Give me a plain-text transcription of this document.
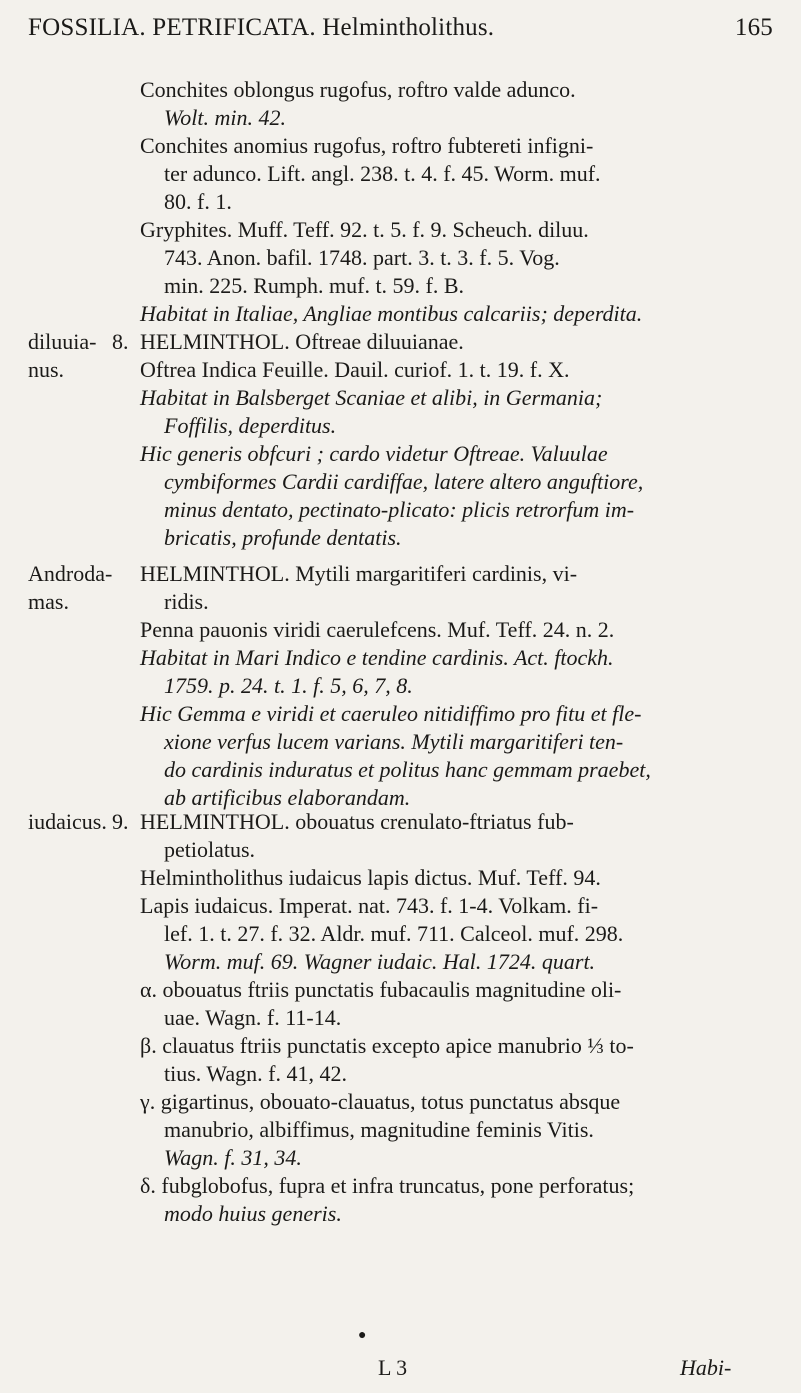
FOSSILIA. PETRIFICATA. Helmintholithus.	165

Conchites oblongus rugofus, roftro valde adunco.

Wolt. min. 42.

Conchites anomius rugofus, roftro fubtereti infigni-

ter adunco. Lift. angl. 238. t. 4. f. 45. Worm. muf.

80. f. 1.

Gryphites. Muff. Teff. 92. t. 5. f. 9. Scheuch. diluu.

743. Anon. bafil. 1748. part. 3. t. 3. f. 5. Vog.

min. 225. Rumph. muf. t. 59. f. B.

Habitat in Italiae, Angliae montibus calcariis; deperdita.

diluuia-
nus.
8. HELMINTHOL. Oftreae diluuianae.

Oftrea Indica Feuille. Dauil. curiof. 1. t. 19. f. X.

Habitat in Balsberget Scaniae et alibi, in Germania;

Foffilis, deperditus.

Hic generis obfcuri ; cardo videtur Oftreae. Valuulae

cymbiformes Cardii cardiffae, latere altero anguftiore,

minus dentato, pectinato-plicato: plicis retrorfum im-

bricatis, profunde dentatis.

Androda-
mas.

HELMINTHOL. Mytili margaritiferi cardinis, vi-

ridis.

Penna pauonis viridi caerulefcens. Muf. Teff. 24. n. 2.

Habitat in Mari Indico e tendine cardinis. Act. ftockh.

1759. p. 24. t. 1. f. 5, 6, 7, 8.

Hic Gemma e viridi et caeruleo nitidiffimo pro fitu et fle-

xione verfus lucem varians. Mytili margaritiferi ten-

do cardinis induratus et politus hanc gemmam praebet,

ab artificibus elaborandam.

iudaicus. 9. HELMINTHOL. obouatus crenulato-ftriatus fub-

petiolatus.

Helmintholithus iudaicus lapis dictus. Muf. Teff. 94.

Lapis iudaicus. Imperat. nat. 743. f. 1-4. Volkam. fi-

lef. 1. t. 27. f. 32. Aldr. muf. 711. Calceol. muf. 298.

Worm. muf. 69. Wagner iudaic. Hal. 1724. quart.

α. obouatus ftriis punctatis fubacaulis magnitudine oli-

uae. Wagn. f. 11-14.

β. clauatus ftriis punctatis excepto apice manubrio ⅓ to-

tius. Wagn. f. 41, 42.

γ. gigartinus, obouato-clauatus, totus punctatus absque

manubrio, albiffimus, magnitudine feminis Vitis.

Wagn. f. 31, 34.

δ. fubglobofus, fupra et infra truncatus, pone perforatus;

modo huius generis.

●
L 3	Habi-
